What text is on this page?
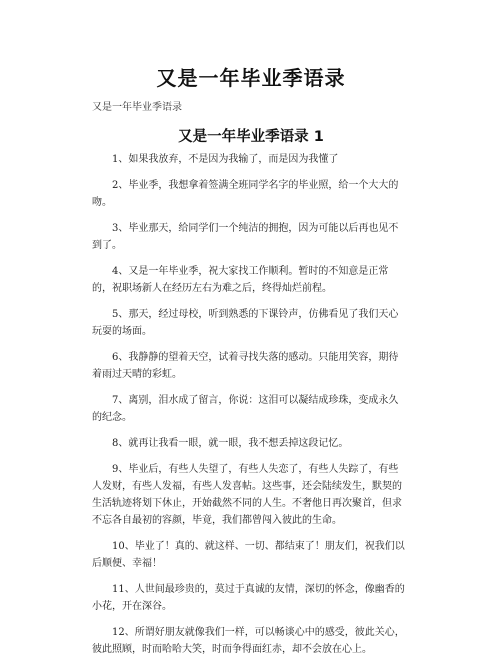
又是一年毕业季语录
又是一年毕业季语录
又是一年毕业季语录 1

1、如果我放弃，不是因为我输了，而是因为我懂了

2、毕业季，我想拿着签满全班同学名字的毕业照，给一个大大的吻。

3、毕业那天，给同学们一个纯洁的拥抱，因为可能以后再也见不到了。

4、又是一年毕业季，祝大家找工作顺利。暂时的不知意是正常的，祝职场新人在经历左右为难之后，终得灿烂前程。

5、那天，经过母校，听到熟悉的下课铃声，仿佛看见了我们天心玩耍的场面。

6、我静静的望着天空，试着寻找失落的感动。只能用笑容，期待着雨过天晴的彩虹。

7、离别，泪水成了留言，你说：这泪可以凝结成珍珠，变成永久的纪念。

8、就再让我看一眼，就一眼，我不想丢掉这段记忆。

9、毕业后，有些人失望了，有些人失恋了，有些人失踪了，有些人发财，有些人发福，有些人发喜帖。这些事，还会陆续发生，默契的生活轨迹将划下休止，开始截然不同的人生。不奢他日再次聚首，但求不忘各自最初的容颜，毕竟，我们都曾闯入彼此的生命。

10、毕业了！真的、就这样、一切、都结束了！朋友们，祝我们以后顺便、幸福！

11、人世间最珍贵的，莫过于真诚的友情，深切的怀念，像幽香的小花，开在深谷。

12、所谓好朋友就像我们一样，可以畅谈心中的感受，彼此关心，彼此照顾，时而哈哈大笑，时而争得面红赤，却不会放在心上。
